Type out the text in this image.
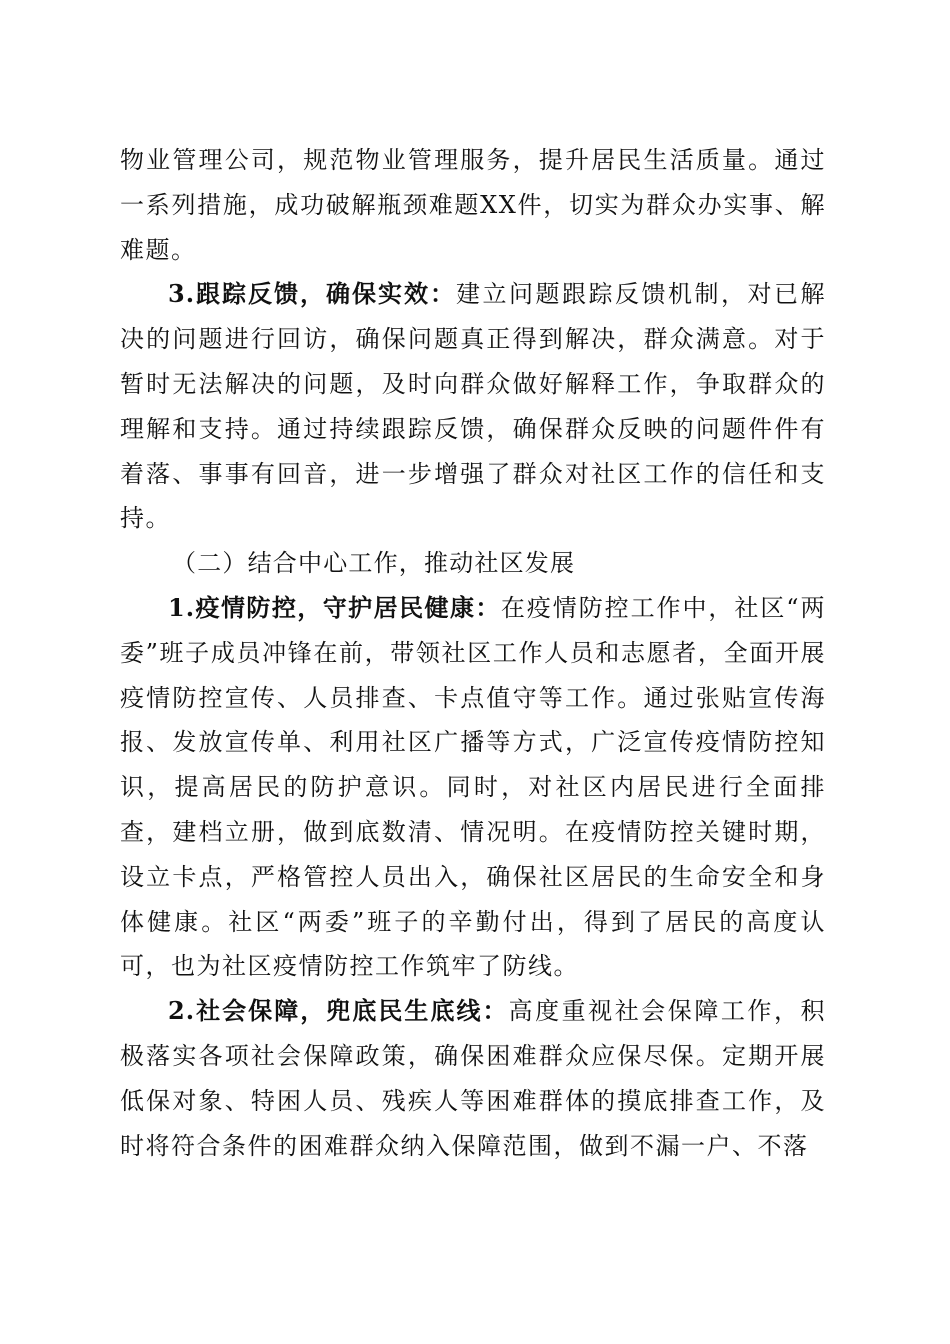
物业管理公司，规范物业管理服务，提升居民生活质量。通过一系列措施，成功破解瓶颈难题XX件，切实为群众办实事、解难题。

3.跟踪反馈，确保实效：建立问题跟踪反馈机制，对已解决的问题进行回访，确保问题真正得到解决，群众满意。对于暂时无法解决的问题，及时向群众做好解释工作，争取群众的理解和支持。通过持续跟踪反馈，确保群众反映的问题件件有着落、事事有回音，进一步增强了群众对社区工作的信任和支持。

（二）结合中心工作，推动社区发展

1.疫情防控，守护居民健康：在疫情防控工作中，社区“两委”班子成员冲锋在前，带领社区工作人员和志愿者，全面开展疫情防控宣传、人员排查、卡点值守等工作。通过张贴宣传海报、发放宣传单、利用社区广播等方式，广泛宣传疫情防控知识，提高居民的防护意识。同时，对社区内居民进行全面排查，建档立册，做到底数清、情况明。在疫情防控关键时期，设立卡点，严格管控人员出入，确保社区居民的生命安全和身体健康。社区“两委”班子的辛勤付出，得到了居民的高度认可，也为社区疫情防控工作筑牢了防线。

2.社会保障，兜底民生底线：高度重视社会保障工作，积极落实各项社会保障政策，确保困难群众应保尽保。定期开展低保对象、特困人员、残疾人等困难群体的摸底排查工作，及时将符合条件的困难群众纳入保障范围，做到不漏一户、不落
